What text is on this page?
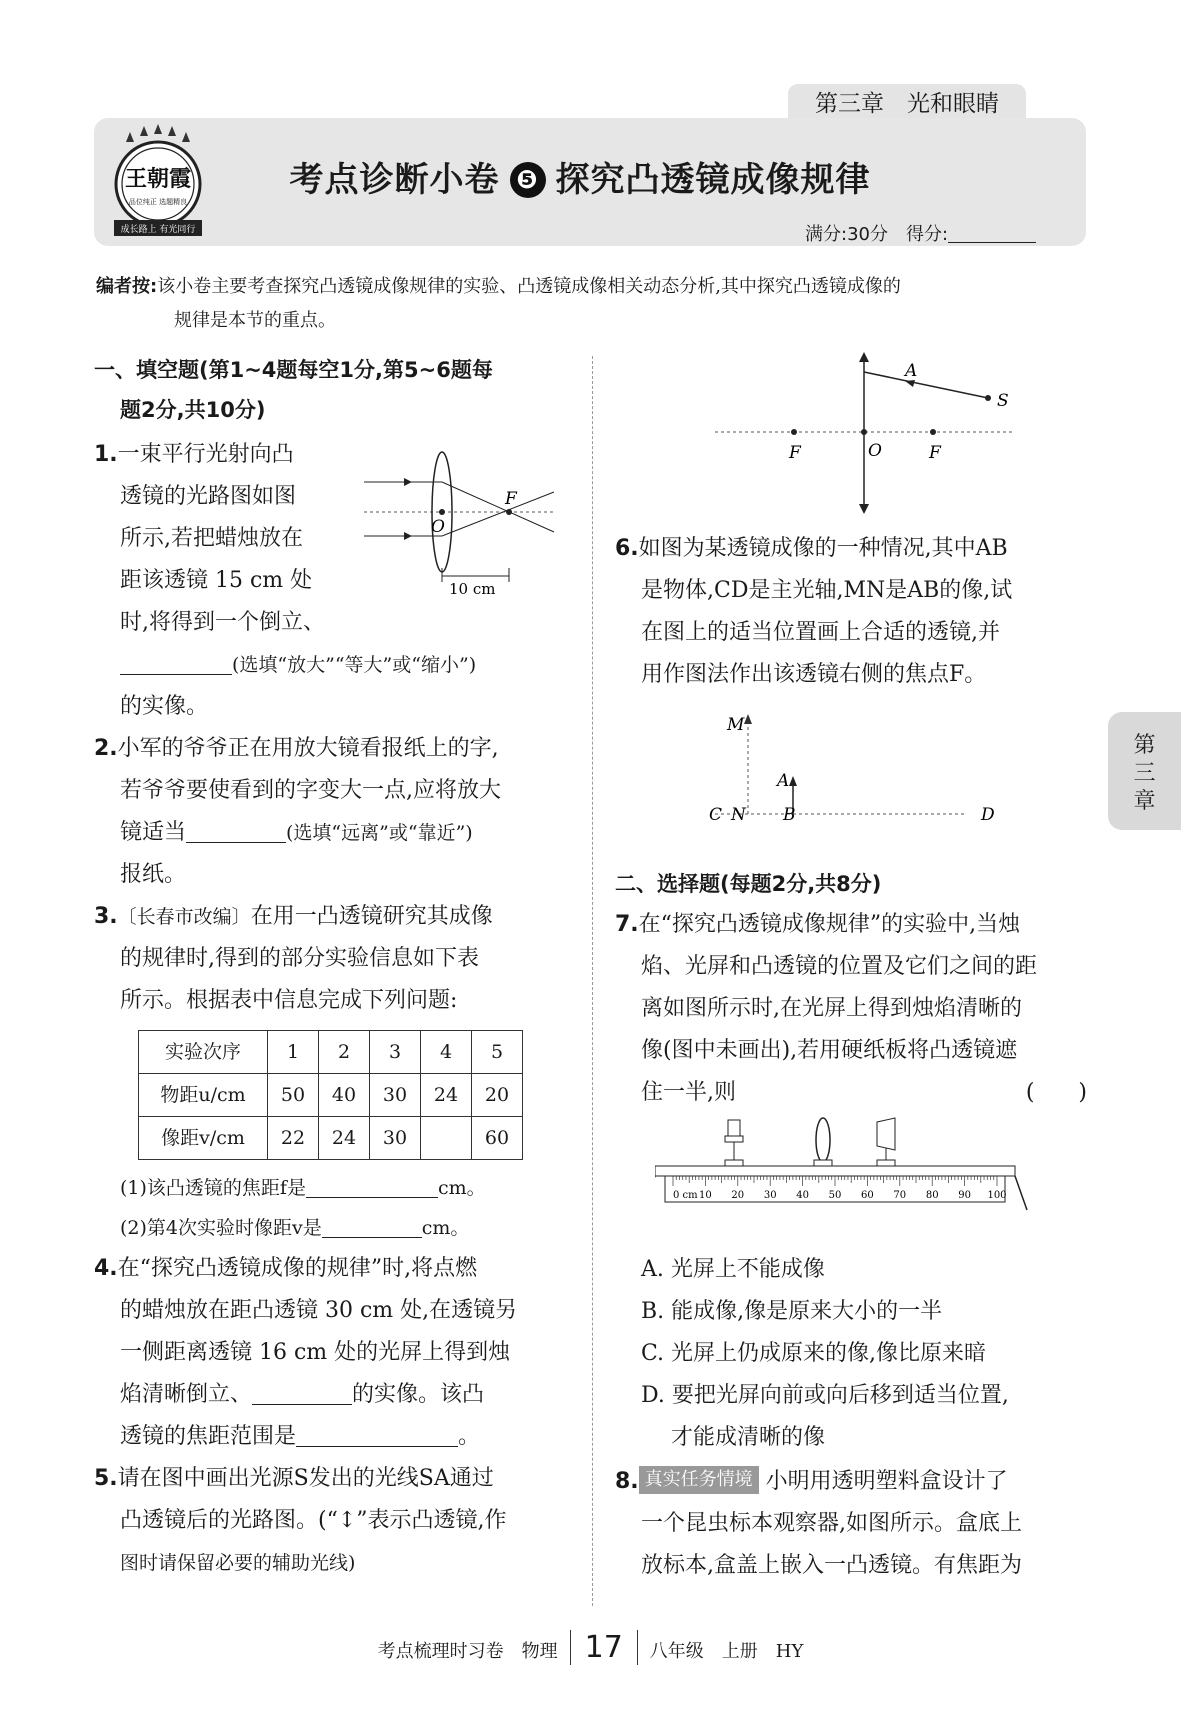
第三章　光和眼睛
王朝霞
品位纯正 选题精良
成长路上 有光同行
考点诊断小卷 ❺ 探究凸透镜成像规律
满分:30分　 得分:
编者按:该小卷主要考查探究凸透镜成像规律的实验、凸透镜成像相关动态分析,其中探究凸透镜成像的
规律是本节的重点。
一、填空题(第1~4题每空1分,第5~6题每
题2分,共10分)
1.一束平行光射向凸
透镜的光路图如图
所示,若把蜡烛放在
距该透镜 15 cm 处
时,将得到一个倒立、
(选填“放大”“等大”或“缩小”)
的实像。
O
F
10 cm
2.小军的爷爷正在用放大镜看报纸上的字,
若爷爷要使看到的字变大一点,应将放大
镜适当	(选填“远离”或“靠近”)
报纸。
3.〔长春市改编〕在用一凸透镜研究其成像
的规律时,得到的部分实验信息如下表
所示。根据表中信息完成下列问题:
实验次序	1	2	3	4	5
物距u/cm	50	40	30	24	20
像距v/cm	22	24	30		60
(1)该凸透镜的焦距f是	cm。
(2)第4次实验时像距v是	cm。
4.在“探究凸透镜成像的规律”时,将点燃
的蜡烛放在距凸透镜 30 cm 处,在透镜另
一侧距离透镜 16 cm 处的光屏上得到烛
焰清晰倒立、	的实像。该凸
透镜的焦距范围是	。
5.请在图中画出光源S发出的光线SA通过
凸透镜后的光路图。(“↕”表示凸透镜,作
图时请保留必要的辅助光线)
A
S
F	O	F
6.如图为某透镜成像的一种情况,其中AB
是物体,CD是主光轴,MN是AB的像,试
在图上的适当位置画上合适的透镜,并
用作图法作出该透镜右侧的焦点F。
M
A
C N B	D
二、选择题(每题2分,共8分)
7.在“探究凸透镜成像规律”的实验中,当烛
焰、光屏和凸透镜的位置及它们之间的距
离如图所示时,在光屏上得到烛焰清晰的
像(图中未画出),若用硬纸板将凸透镜遮
住一半,则	(　　)
0 cm 10 20 30 40 50 60 70 80 90 100
A. 光屏上不能成像
B. 能成像,像是原来大小的一半
C. 光屏上仍成原来的像,像比原来暗
D. 要把光屏向前或向后移到适当位置,
才能成清晰的像
8. 真实任务情境 小明用透明塑料盒设计了
一个昆虫标本观察器,如图所示。盒底上
放标本,盒盖上嵌入一凸透镜。有焦距为
第
三
章
考点梳理时习卷　物理 17 八年级　上册　HY
